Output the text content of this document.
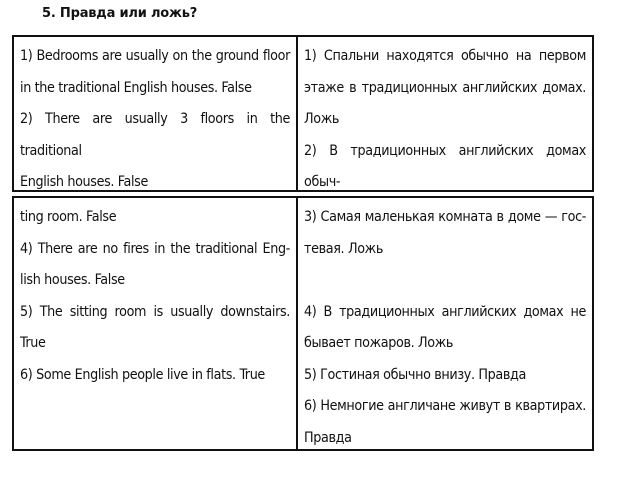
5. Правда или ложь?
1) Bedrooms are usually on the ground floor
in the traditional English houses. False
2) There are usually 3 floors in the traditional
English houses. False
1) Спальни находятся обычно на первом
этаже в традиционных английских домах.
Ложь
2) В традиционных английских домах обыч-
ting room. False
4) There are no fires in the traditional Eng-
lish houses. False
5) The sitting room is usually downstairs.
True
6) Some English people live in flats. True
3) Самая маленькая комната в доме — гос-
тевая. Ложь
4) В традиционных английских домах не
бывает пожаров. Ложь
5) Гостиная обычно внизу. Правда
6) Немногие англичане живут в квартирах.
Правда
